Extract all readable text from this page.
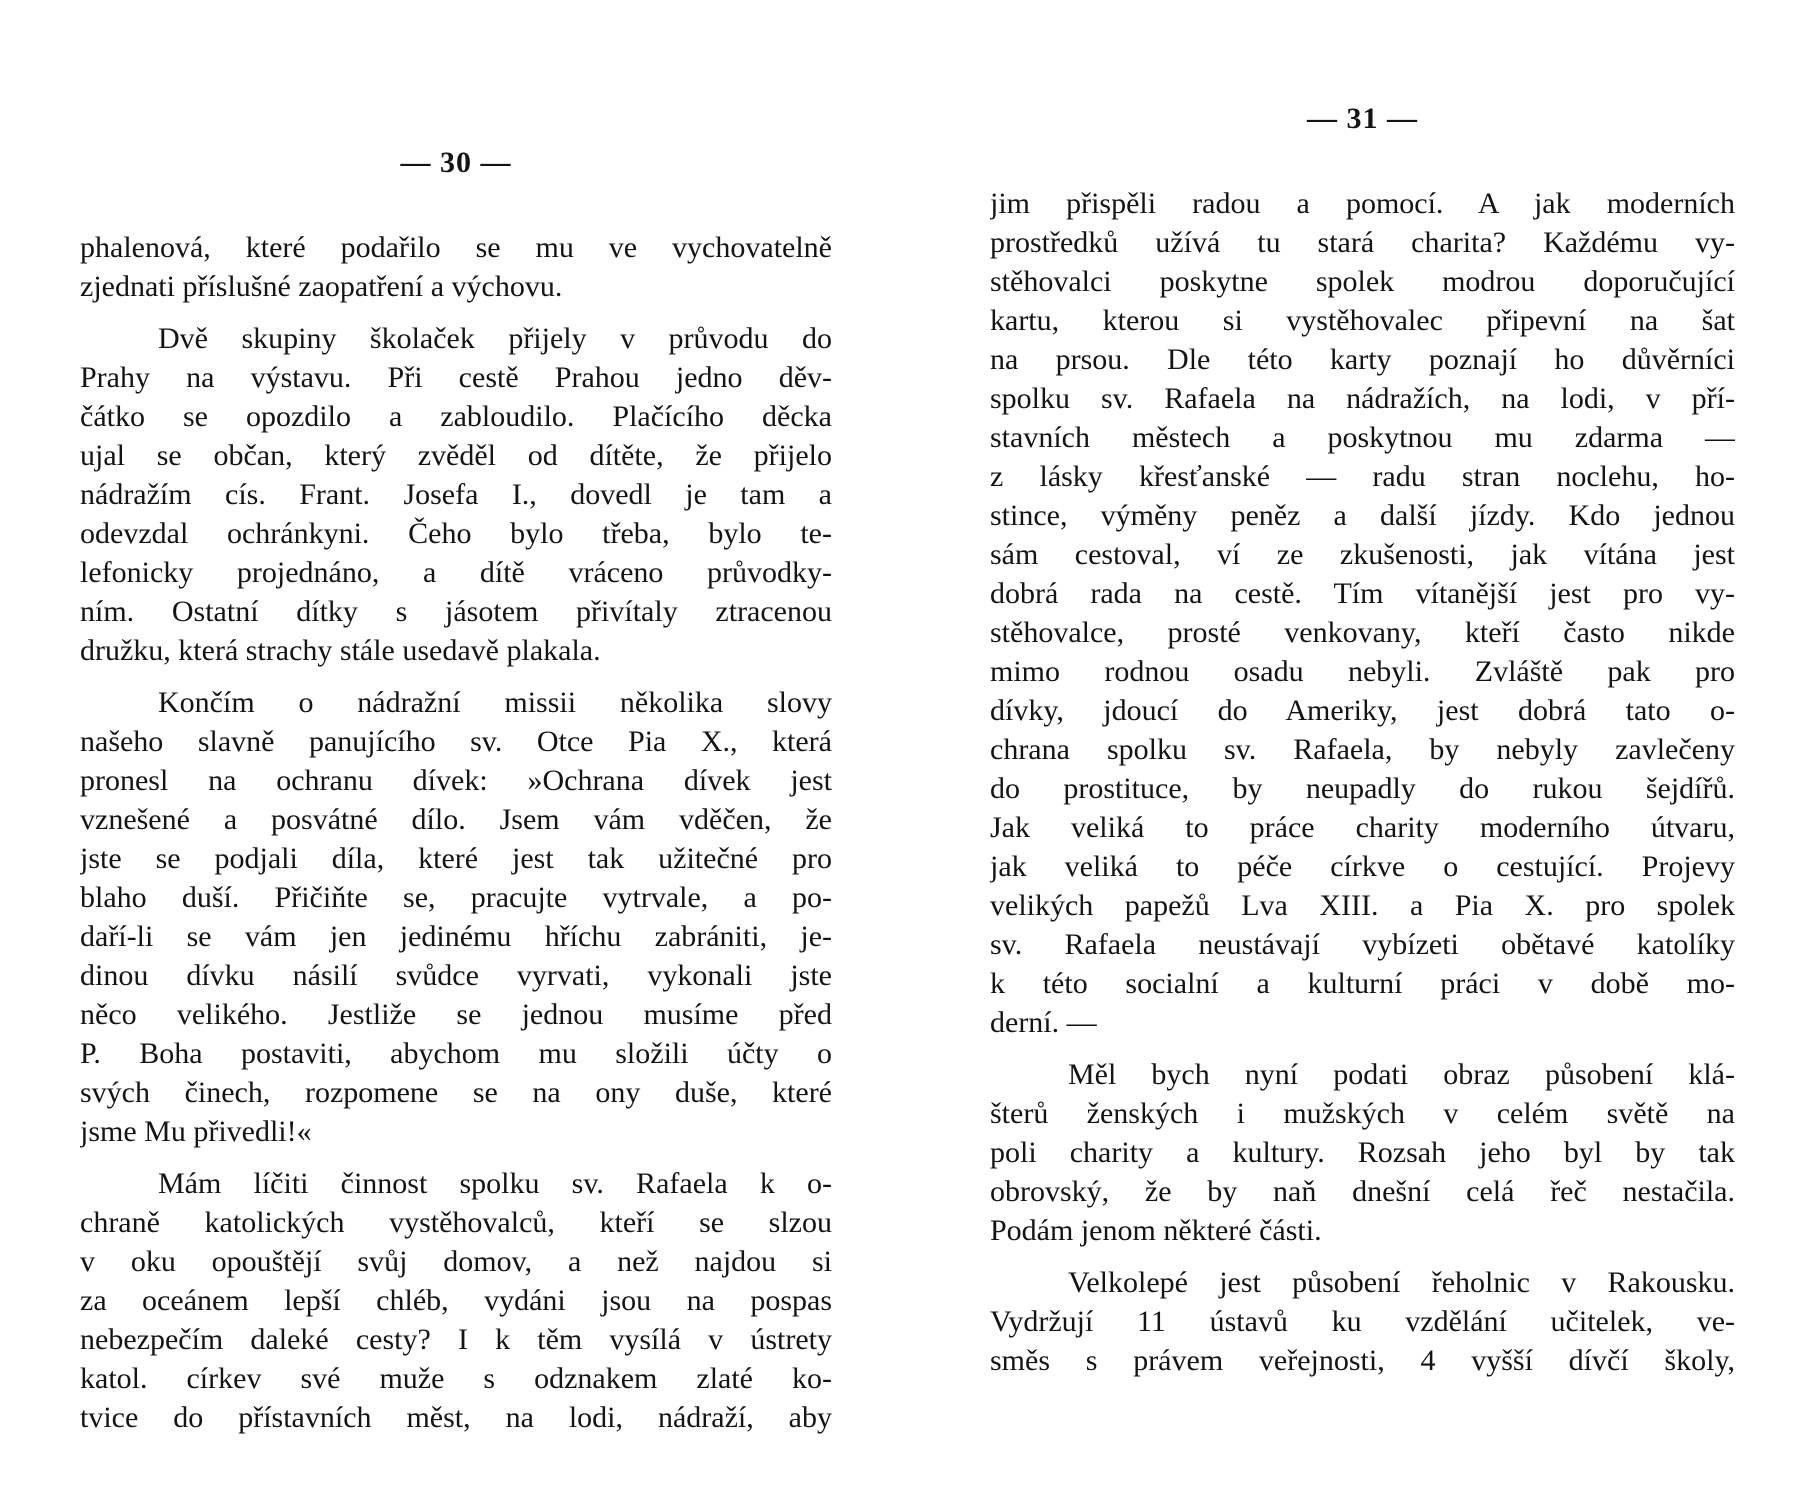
— 30 —
phalenová, které podařilo se mu ve vychovatelně
zjednati příslušné zaopatření a výchovu.
Dvě skupiny školaček přijely v průvodu do
Prahy na výstavu. Při cestě Prahou jedno děv-
čátko se opozdilo a zabloudilo. Plačícího děcka
ujal se občan, který zvěděl od dítěte, že přijelo
nádražím cís. Frant. Josefa I., dovedl je tam a
odevzdal ochránkyni. Čeho bylo třeba, bylo te-
lefonicky projednáno, a dítě vráceno průvodky-
ním. Ostatní dítky s jásotem přivítaly ztracenou
družku, která strachy stále usedavě plakala.
Končím o nádražní missii několika slovy
našeho slavně panujícího sv. Otce Pia X., která
pronesl na ochranu dívek: »Ochrana dívek jest
vznešené a posvátné dílo. Jsem vám vděčen, že
jste se podjali díla, které jest tak užitečné pro
blaho duší. Přičiňte se, pracujte vytrvale, a po-
daří-li se vám jen jedinému hříchu zabrániti, je-
dinou dívku násilí svůdce vyrvati, vykonali jste
něco velikého. Jestliže se jednou musíme před
P. Boha postaviti, abychom mu složili účty o
svých činech, rozpomene se na ony duše, které
jsme Mu přivedli!«
Mám líčiti činnost spolku sv. Rafaela k o-
chraně katolických vystěhovalců, kteří se slzou
v oku opouštějí svůj domov, a než najdou si
za oceánem lepší chléb, vydáni jsou na pospas
nebezpečím daleké cesty? I k těm vysílá v ústrety
katol. církev své muže s odznakem zlaté ko-
tvice do přístavních měst, na lodi, nádraží, aby
— 31 —
jim přispěli radou a pomocí. A jak moderních
prostředků užívá tu stará charita? Každému vy-
stěhovalci poskytne spolek modrou doporučující
kartu, kterou si vystěhovalec připevní na šat
na prsou. Dle této karty poznají ho důvěrníci
spolku sv. Rafaela na nádražích, na lodi, v pří-
stavních městech a poskytnou mu zdarma —
z lásky křesťanské — radu stran noclehu, ho-
stince, výměny peněz a další jízdy. Kdo jednou
sám cestoval, ví ze zkušenosti, jak vítána jest
dobrá rada na cestě. Tím vítanější jest pro vy-
stěhovalce, prosté venkovany, kteří často nikde
mimo rodnou osadu nebyli. Zvláště pak pro
dívky, jdoucí do Ameriky, jest dobrá tato o-
chrana spolku sv. Rafaela, by nebyly zavlečeny
do prostituce, by neupadly do rukou šejdířů.
Jak veliká to práce charity moderního útvaru,
jak veliká to péče církve o cestující. Projevy
velikých papežů Lva XIII. a Pia X. pro spolek
sv. Rafaela neustávají vybízeti obětavé katolíky
k této socialní a kulturní práci v době mo-
derní. —
Měl bych nyní podati obraz působení klá-
šterů ženských i mužských v celém světě na
poli charity a kultury. Rozsah jeho byl by tak
obrovský, že by naň dnešní celá řeč nestačila.
Podám jenom některé části.
Velkolepé jest působení řeholnic v Rakousku.
Vydržují 11 ústavů ku vzdělání učitelek, ve-
směs s právem veřejnosti, 4 vyšší dívčí školy,
